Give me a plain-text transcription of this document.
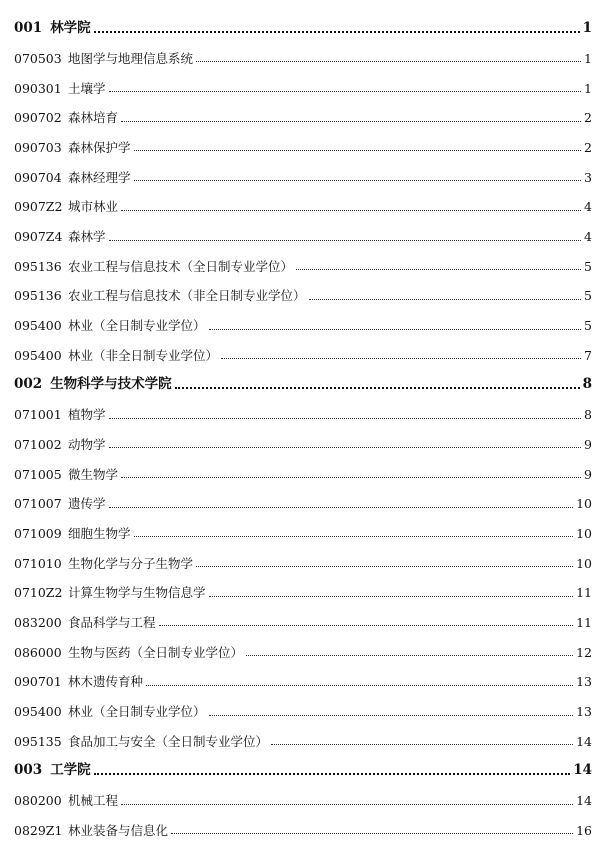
001 林学院	1
070503 地图学与地理信息系统	1
090301 土壤学	1
090702 森林培育	2
090703 森林保护学	2
090704 森林经理学	3
0907Z2 城市林业	4
0907Z4 森林学	4
095136 农业工程与信息技术（全日制专业学位）	5
095136 农业工程与信息技术（非全日制专业学位）	5
095400 林业（全日制专业学位）	5
095400 林业（非全日制专业学位）	7
002 生物科学与技术学院	8
071001 植物学	8
071002 动物学	9
071005 微生物学	9
071007 遗传学	10
071009 细胞生物学	10
071010 生物化学与分子生物学	10
0710Z2 计算生物学与生物信息学	11
083200 食品科学与工程	11
086000 生物与医药（全日制专业学位）	12
090701 林木遗传育种	13
095400 林业（全日制专业学位）	13
095135 食品加工与安全（全日制专业学位）	14
003 工学院	14
080200 机械工程	14
0829Z1 林业装备与信息化	16
